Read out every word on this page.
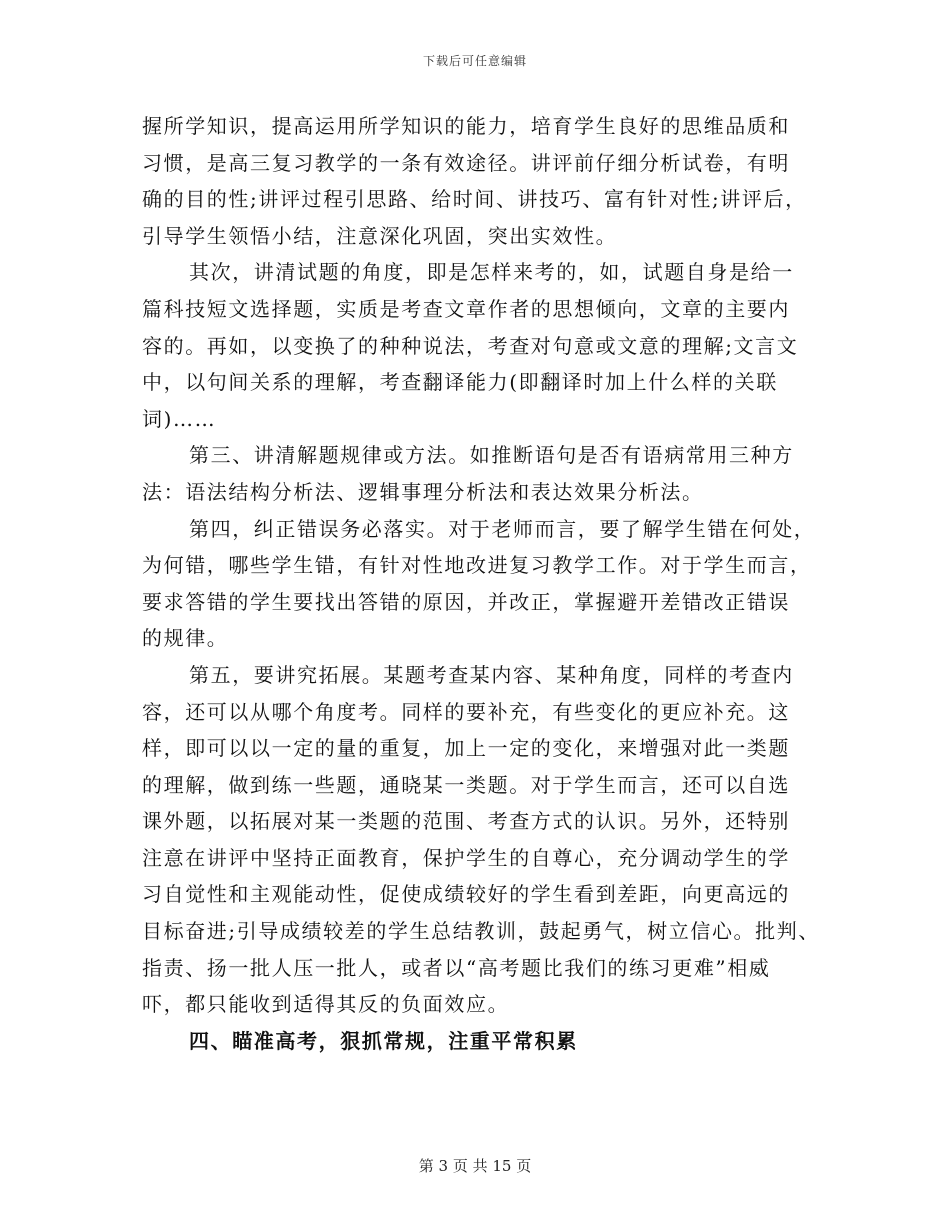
下载后可任意编辑
握所学知识，提高运用所学知识的能力，培育学生良好的思维品质和
习惯，是高三复习教学的一条有效途径。讲评前仔细分析试卷，有明
确的目的性;讲评过程引思路、给时间、讲技巧、富有针对性;讲评后，
引导学生领悟小结，注意深化巩固，突出实效性。
其次，讲清试题的角度，即是怎样来考的，如，试题自身是给一
篇科技短文选择题，实质是考查文章作者的思想倾向，文章的主要内
容的。再如，以变换了的种种说法，考查对句意或文意的理解;文言文
中，以句间关系的理解，考查翻译能力(即翻译时加上什么样的关联
词)……
第三、讲清解题规律或方法。如推断语句是否有语病常用三种方
法：语法结构分析法、逻辑事理分析法和表达效果分析法。
第四，纠正错误务必落实。对于老师而言，要了解学生错在何处，
为何错，哪些学生错，有针对性地改进复习教学工作。对于学生而言，
要求答错的学生要找出答错的原因，并改正，掌握避开差错改正错误
的规律。
第五，要讲究拓展。某题考查某内容、某种角度，同样的考查内
容，还可以从哪个角度考。同样的要补充，有些变化的更应补充。这
样，即可以以一定的量的重复，加上一定的变化，来增强对此一类题
的理解，做到练一些题，通晓某一类题。对于学生而言，还可以自选
课外题，以拓展对某一类题的范围、考查方式的认识。另外，还特别
注意在讲评中坚持正面教育，保护学生的自尊心，充分调动学生的学
习自觉性和主观能动性，促使成绩较好的学生看到差距，向更高远的
目标奋进;引导成绩较差的学生总结教训，鼓起勇气，树立信心。批判、
指责、扬一批人压一批人，或者以“高考题比我们的练习更难”相威
吓，都只能收到适得其反的负面效应。
四、瞄准高考，狠抓常规，注重平常积累
第 3 页 共 15 页
